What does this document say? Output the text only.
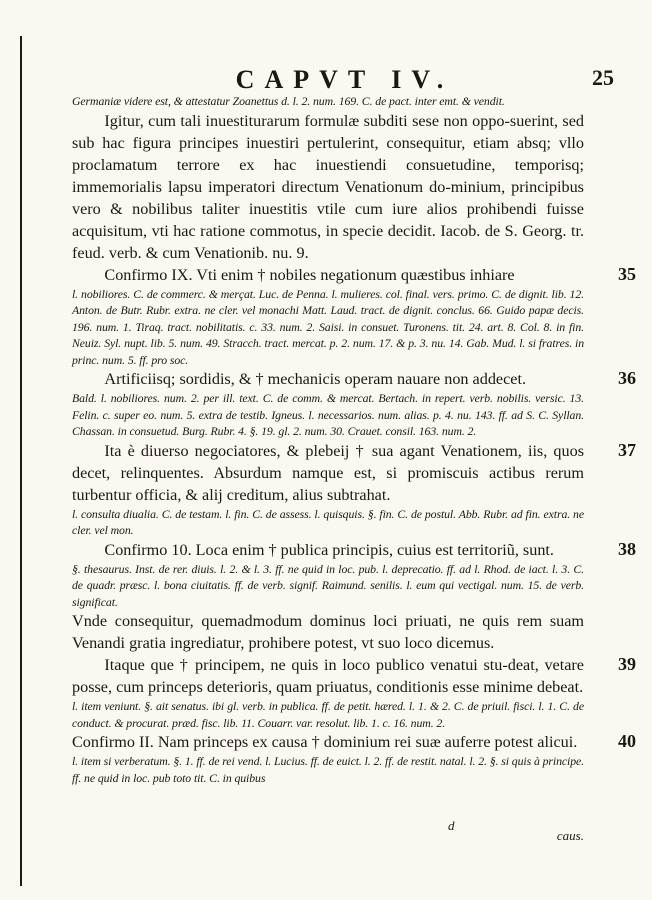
CAPVT IV.	25

Germaniæ videre est, & attestatur Zoanettus d. l. 2. num. 169. C. de pact. inter emt. & vendit.

Igitur, cum tali inuestiturarum formulæ subditi sese non oppo-suerint, sed sub hac figura principes inuestiri pertulerint, consequitur, etiam absq; vllo proclamatum terrore ex hac inuestiendi consuetudine, temporisq; immemorialis lapsu imperatori directum Venationum do-minium, principibus vero & nobilibus taliter inuestitis vtile cum iure alios prohibendi fuisse acquisitum, vti hac ratione commotus, in specie decidit. Iacob. de S. Georg. tr. feud. verb. & cum Venationib. nu. 9.

Confirmo IX. Vti enim † nobiles negationum quæstibus inhiare	35

l. nobiliores. C. de commerc. & merçat. Luc. de Penna. l. mulieres. col. final. vers. primo. C. de dignit. lib. 12. Anton. de Butr. Rubr. extra. ne cler. vel monachi Matt. Laud. tract. de dignit. conclus. 66. Guido papæ decis. 196. num. 1. Tiraq. tract. nobilitatis. c. 33. num. 2. Saisi. in consuet. Turonens. tit. 24. art. 8. Col. 8. in fin. Neuiz. Syl. nupt. lib. 5. num. 49. Stracch. tract. mercat. p. 2. num. 17. & p. 3. nu. 14. Gab. Mud. l. si fratres. in princ. num. 5. ff. pro soc.

Artificiisq; sordidis, & † mechanicis operam nauare non addecet.	36

Bald. l. nobiliores. num. 2. per ill. text. C. de comm. & mercat. Bertach. in repert. verb. nobilis. versic. 13. Felin. c. super eo. num. 5. extra de testib. Igneus. l. necessarios. num. alias. p. 4. nu. 143. ff. ad S. C. Syllan. Chassan. in consuetud. Burg. Rubr. 4. §. 19. gl. 2. num. 30. Crauet. consil. 163. num. 2.

Ita è diuerso negociatores, & plebeij † sua agant Venationem, iis, quos decet, relinquentes. Absurdum namque est, si promiscuis actibus rerum turbentur officia, & alij creditum, alius subtrahat.

37

l. consulta diualia. C. de testam. l. fin. C. de assess. l. quisquis. §. fin. C. de postul. Abb. Rubr. ad fin. extra. ne cler. vel mon.

Confirmo 10. Loca enim † publica principis, cuius est territoriũ, sunt.	38

§. thesaurus. Inst. de rer. diuis. l. 2. & l. 3. ff. ne quid in loc. pub. l. deprecatio. ff. ad l. Rhod. de iact. l. 3. C. de quadr. præsc. l. bona ciuitatis. ff. de verb. signif. Raimund. senilis. l. eum qui vectigal. num. 15. de verb. significat.

Vnde consequitur, quemadmodum dominus loci priuati, ne quis rem suam Venandi gratia ingrediatur, prohibere potest, vt suo loco dicemus.

Itaque que † principem, ne quis in loco publico venatui stu-deat, vetare posse, cum princeps deterioris, quam priuatus, conditionis esse minime debeat.

39

l. item veniunt. §. ait senatus. ibi gl. verb. in publica. ff. de petit. hæred. l. 1. & 2. C. de priuil. fisci. l. 1. C. de conduct. & procurat. præd. fisc. lib. 11. Couarr. var. resolut. lib. 1. c. 16. num. 2.

Confirmo II. Nam princeps ex causa † dominium rei suæ auferre potest alicui.	40

l. item si verberatum. §. 1. ff. de rei vend. l. Lucius. ff. de euict. l. 2. ff. de restit. natal. l. 2. §. si quis à principe. ff. ne quid in loc. pub toto tit. C. in quibus

d
caus.
